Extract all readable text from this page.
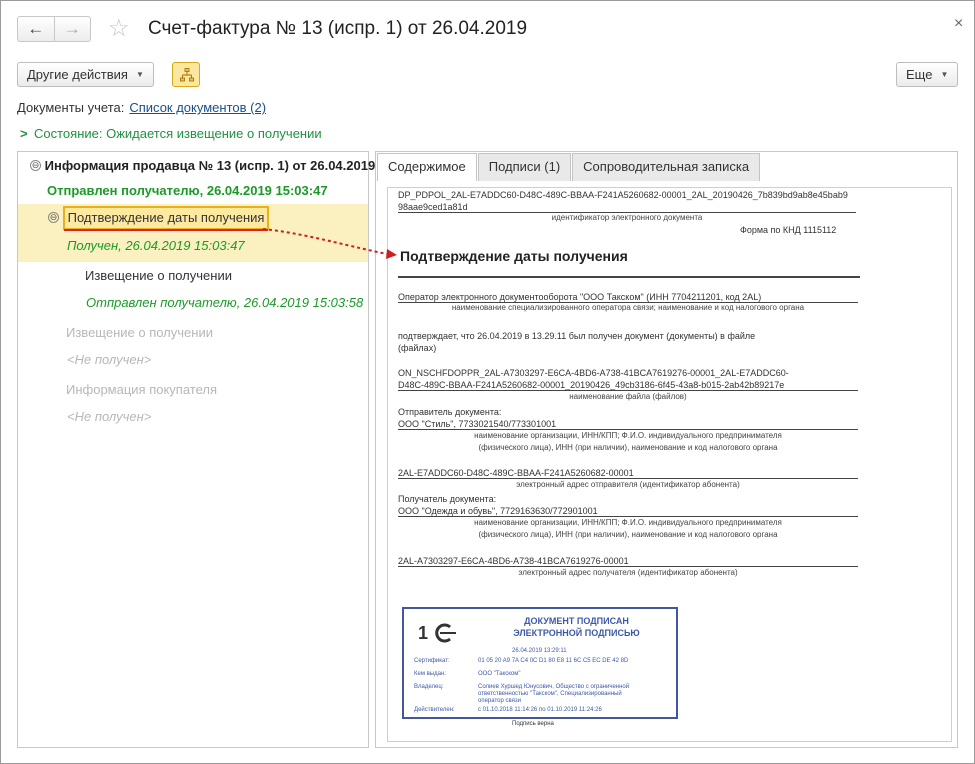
← → ☆ Счет-фактура № 13 (испр. 1) от 26.04.2019	×
Другие действия ▼	Еще ▼
Документы учета: Список документов (2)
> Состояние: Ожидается извещение о получении
⊖ Информация продавца № 13 (испр. 1) от 26.04.2019
Отправлен получателю, 26.04.2019 15:03:47
⊖ Подтверждение даты получения
Получен, 26.04.2019 15:03:47
Извещение о получении
Отправлен получателю, 26.04.2019 15:03:58
Извещение о получении
<Не получен>
Информация покупателя
<Не получен>
Содержимое	Подписи (1)	Сопроводительная записка
DP_PDPOL_2AL-E7ADDC60-D48C-489C-BBAA-F241A5260682-00001_2AL_20190426_7b839bd9ab8e45bab9
98aae9ced1a81d
идентификатор электронного документа
Форма по КНД 1115112
Подтверждение даты получения
Оператор электронного документооборота "ООО Такском" (ИНН 7704211201, код 2AL)
наименование специализированного оператора связи; наименование и код налогового органа
подтверждает, что 26.04.2019 в 13.29.11 был получен документ (документы) в файле
(файлах)
ON_NSCHFDOPPR_2AL-A7303297-E6CA-4BD6-A738-41BCA7619276-00001_2AL-E7ADDC60-
D48C-489C-BBAA-F241A5260682-00001_20190426_49cb3186-6f45-43a8-b015-2ab42b89217e
наименование файла (файлов)
Отправитель документа:
ООО "Стиль", 7733021540/773301001
наименование организации, ИНН/КПП; Ф.И.О. индивидуального предпринимателя
(физического лица), ИНН (при наличии), наименование и код налогового органа
2AL-E7ADDC60-D48C-489C-BBAA-F241A5260682-00001
электронный адрес отправителя (идентификатор абонента)
Получатель документа:
ООО "Одежда и обувь", 7729163630/772901001
наименование организации, ИНН/КПП; Ф.И.О. индивидуального предпринимателя
(физического лица), ИНН (при наличии), наименование и код налогового органа
2AL-A7303297-E6CA-4BD6-A738-41BCA7619276-00001
электронный адрес получателя (идентификатор абонента)
1
ДОКУМЕНТ ПОДПИСАН
ЭЛЕКТРОННОЙ ПОДПИСЬЮ
26.04.2019 13:29:11
Сертификат:	01 05 20 A9 7A C4 0C D1 80 E8 11 6C C5 EC DE 42 8D
Кем выдан:	ООО "Такском"
Владелец:	Солиев Хуршед Юнусович, Общество с ограниченной
ответственностью "Такском", Специализированный
оператор связи
Действителен:	с 01.10.2018 11:14:26 по 01.10.2019 11:24:26
Подпись верна
